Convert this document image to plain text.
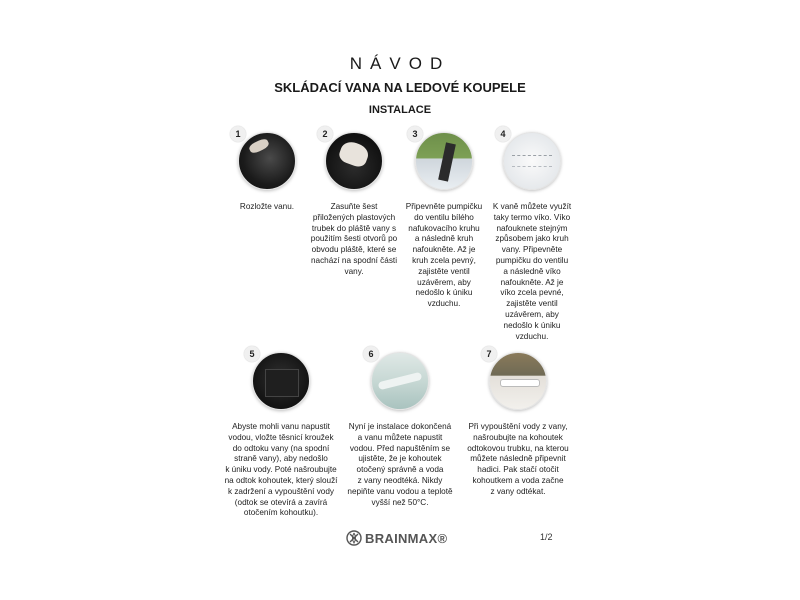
NÁVOD
SKLÁDACÍ VANA NA LEDOVÉ KOUPELE
INSTALACE
1
Rozložte vanu.
2
Zasuňte šest
přiložených plastových
trubek do pláště vany s
použitím šesti otvorů po
obvodu pláště, které se
nachází na spodní části
vany.
3
Připevněte pumpičku
do ventilu bílého
nafukovacího kruhu
a následně kruh
nafoukněte. Až je
kruh zcela pevný,
zajistěte ventil
uzávěrem, aby
nedošlo k úniku
vzduchu.
4
K vaně můžete využít
taky termo víko. Víko
nafouknete stejným
způsobem jako kruh
vany. Připevněte
pumpičku do ventilu
a následně víko
nafoukněte. Až je
víko zcela pevné,
zajistěte ventil
uzávěrem, aby
nedošlo k úniku
vzduchu.
5
Abyste mohli vanu napustit
vodou, vložte těsnicí kroužek
do odtoku vany (na spodní
straně vany), aby nedošlo
k úniku vody. Poté našroubujte
na odtok kohoutek, který slouží
k zadržení a vypouštění vody
(odtok se otevírá a zavírá
otočením kohoutku).
6
Nyní je instalace dokončená
a vanu můžete napustit
vodou. Před napuštěním se
ujistěte, že je kohoutek
otočený správně a voda
z vany neodtéká. Nikdy
nepiňte vanu vodou a teplotě
vyšší než 50°C.
7
Při vypouštění vody z vany,
našroubujte na kohoutek
odtokovou trubku, na kterou
můžete následně připevnit
hadici. Pak stačí otočit
kohoutkem a voda začne
z vany odtékat.
BRAINMAX®	1/2
